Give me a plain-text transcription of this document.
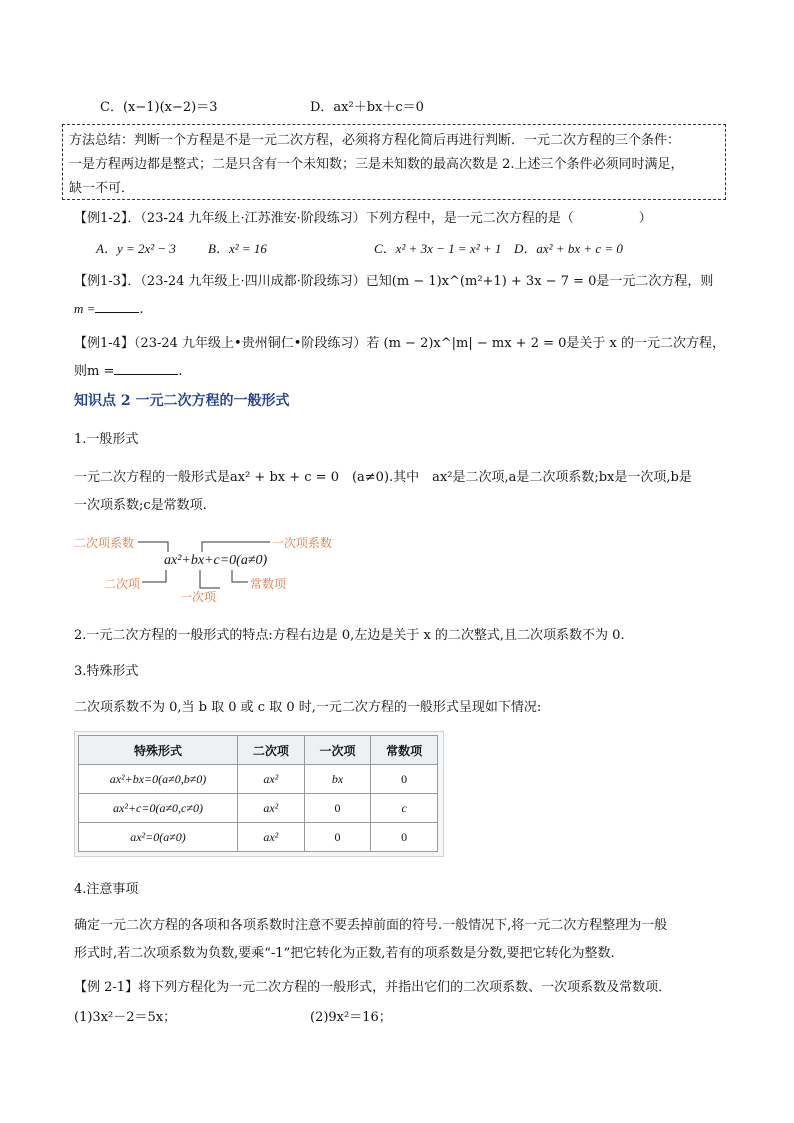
C．(x−1)(x−2)＝3	D．ax²＋bx＋c＝0
方法总结：判断一个方程是不是一元二次方程，必须将方程化简后再进行判断．一元二次方程的三个条件：
一是方程两边都是整式；二是只含有一个未知数；三是未知数的最高次数是 2.上述三个条件必须同时满足，
缺一不可．
【例1-2】．（23-24 九年级上·江苏淮安·阶段练习）下列方程中，是一元二次方程的是（　　　　　）
A．y = 2x² − 3 B．x² = 16	C．x² + 3x − 1 = x² + 1 D．ax² + bx + c = 0
【例1-3】．（23-24 九年级上·四川成都·阶段练习）已知(m − 1)x^(m²+1) + 3x − 7 = 0是一元二次方程，则
m =	.
【例1-4】（23-24 九年级上•贵州铜仁•阶段练习）若 (m − 2)x^|m| − mx + 2 = 0是关于 x 的一元二次方程，
则m =	.
知识点 2 一元二次方程的一般形式
1.一般形式
一元二次方程的一般形式是ax² + bx + c = 0　(a≠0).其中　ax²是二次项,a是二次项系数;bx是一次项,b是
一次项系数;c是常数项.
ax²+bx+c=0(a≠0)
二次项系数	一次项系数
二次项
一次项
常数项
2.一元二次方程的一般形式的特点:方程右边是 0,左边是关于 x 的二次整式,且二次项系数不为 0.
3.特殊形式
二次项系数不为 0,当 b 取 0 或 c 取 0 时,一元二次方程的一般形式呈现如下情况:
特殊形式	二次项	一次项	常数项
ax²+bx=0(a≠0,b≠0)	ax²	bx	0
ax²+c=0(a≠0,c≠0)	ax²	0	c
ax²=0(a≠0)	ax²	0	0
4.注意事项
确定一元二次方程的各项和各项系数时注意不要丢掉前面的符号.一般情况下,将一元二次方程整理为一般
形式时,若二次项系数为负数,要乘“-1”把它转化为正数,若有的项系数是分数,要把它转化为整数.
【例 2-1】将下列方程化为一元二次方程的一般形式，并指出它们的二次项系数、一次项系数及常数项．
(1)3x²－2＝5x；	(2)9x²＝16；
